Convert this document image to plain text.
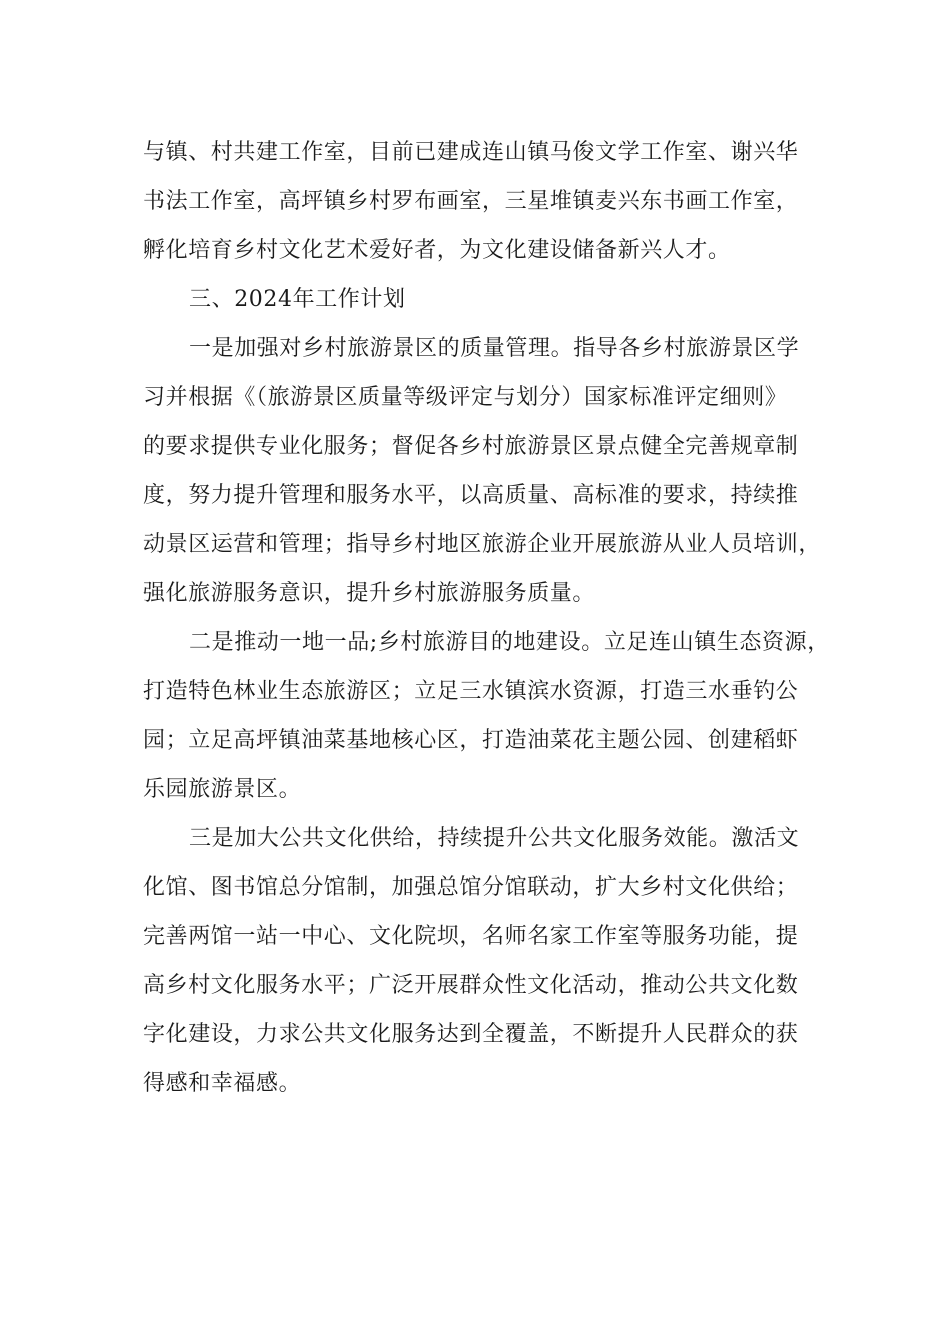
与镇、村共建工作室，目前已建成连山镇马俊文学工作室、谢兴华
书法工作室，高坪镇乡村罗布画室，三星堆镇麦兴东书画工作室，
孵化培育乡村文化艺术爱好者，为文化建设储备新兴人才。
三、2024年工作计划
一是加强对乡村旅游景区的质量管理。指导各乡村旅游景区学
习并根据《（旅游景区质量等级评定与划分）国家标准评定细则》
的要求提供专业化服务；督促各乡村旅游景区景点健全完善规章制
度，努力提升管理和服务水平，以高质量、高标准的要求，持续推
动景区运营和管理；指导乡村地区旅游企业开展旅游从业人员培训，
强化旅游服务意识，提升乡村旅游服务质量。
二是推动一地一品;乡村旅游目的地建设。立足连山镇生态资源，
打造特色林业生态旅游区；立足三水镇滨水资源，打造三水垂钓公
园；立足高坪镇油菜基地核心区，打造油菜花主题公园、创建稻虾
乐园旅游景区。
三是加大公共文化供给，持续提升公共文化服务效能。激活文
化馆、图书馆总分馆制，加强总馆分馆联动，扩大乡村文化供给；
完善两馆一站一中心、文化院坝，名师名家工作室等服务功能，提
高乡村文化服务水平；广泛开展群众性文化活动，推动公共文化数
字化建设，力求公共文化服务达到全覆盖，不断提升人民群众的获
得感和幸福感。
